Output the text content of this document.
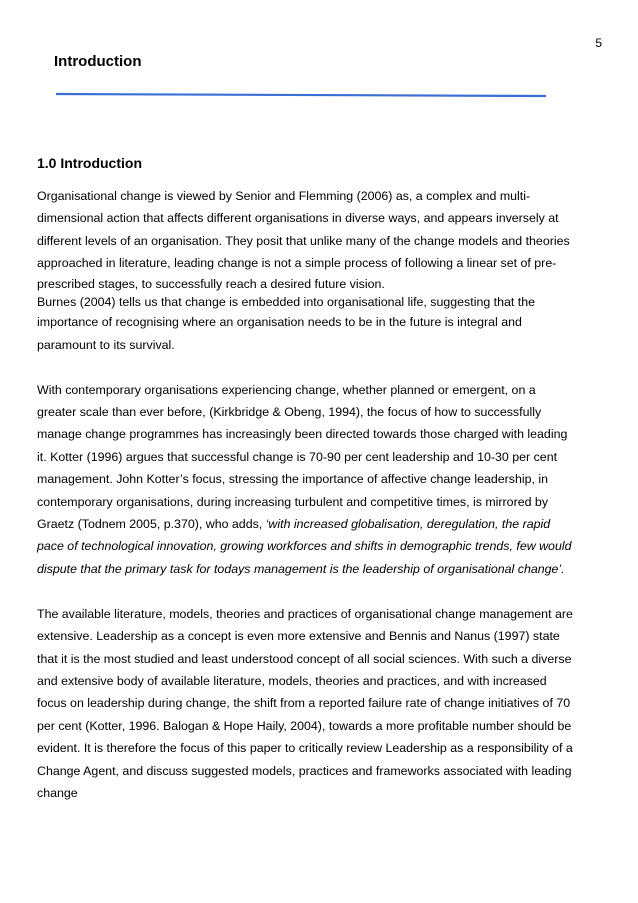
5
Introduction
1.0 Introduction

Organisational change is viewed by Senior and Flemming (2006) as, a complex and multi-
dimensional action that affects different organisations in diverse ways, and appears inversely at
different levels of an organisation. They posit that unlike many of the change models and theories
approached in literature, leading change is not a simple process of following a linear set of pre-
prescribed stages, to successfully reach a desired future vision.

Burnes (2004) tells us that change is embedded into organisational life, suggesting that the
importance of recognising where an organisation needs to be in the future is integral and
paramount to its survival.

With contemporary organisations experiencing change, whether planned or emergent, on a
greater scale than ever before, (Kirkbridge & Obeng, 1994), the focus of how to successfully
manage change programmes has increasingly been directed towards those charged with leading
it. Kotter (1996) argues that successful change is 70-90 per cent leadership and 10-30 per cent
management. John Kotter’s focus, stressing the importance of affective change leadership, in
contemporary organisations, during increasing turbulent and competitive times, is mirrored by
Graetz (Todnem 2005, p.370), who adds, ‘with increased globalisation, deregulation, the rapid
pace of technological innovation, growing workforces and shifts in demographic trends, few would
dispute that the primary task for todays management is the leadership of organisational change’.

The available literature, models, theories and practices of organisational change management are
extensive. Leadership as a concept is even more extensive and Bennis and Nanus (1997) state
that it is the most studied and least understood concept of all social sciences. With such a diverse
and extensive body of available literature, models, theories and practices, and with increased
focus on leadership during change, the shift from a reported failure rate of change initiatives of 70
per cent (Kotter, 1996. Balogan & Hope Haily, 2004), towards a more profitable number should be
evident. It is therefore the focus of this paper to critically review Leadership as a responsibility of a
Change Agent, and discuss suggested models, practices and frameworks associated with leading
change
